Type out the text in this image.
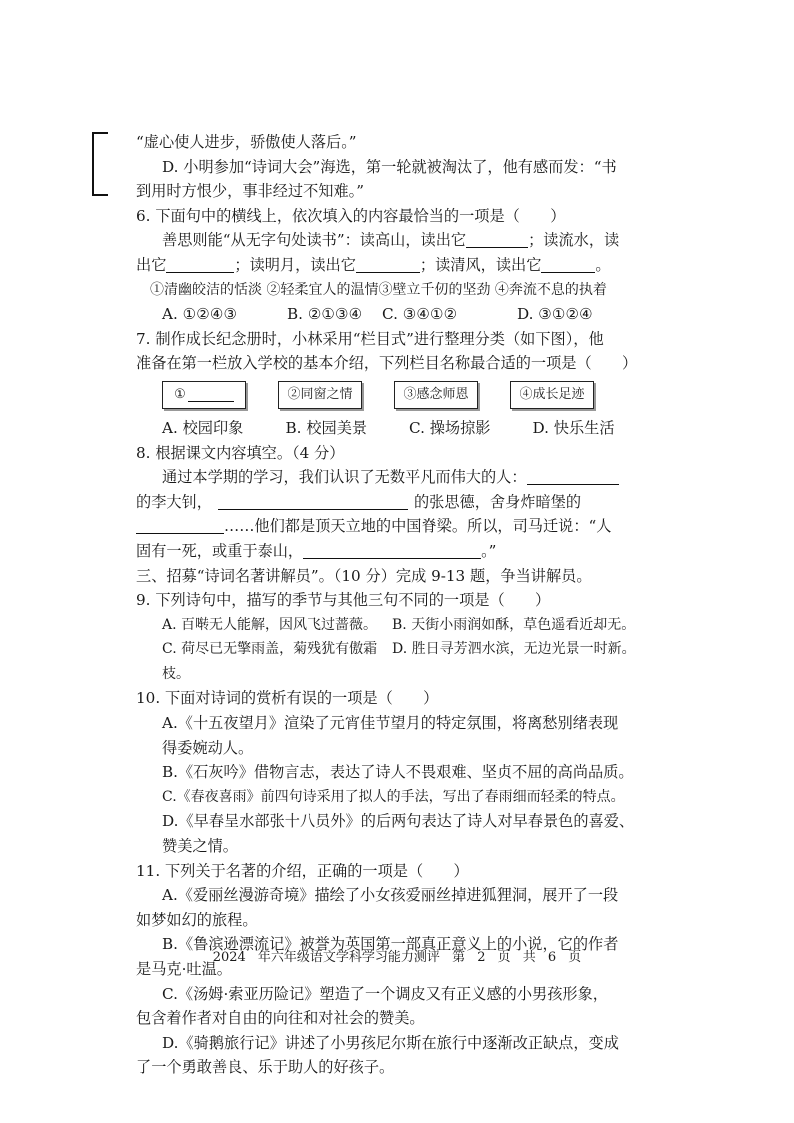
“虚心使人进步，骄傲使人落后。”
D. 小明参加“诗词大会”海选，第一轮就被淘汰了，他有感而发：“书
到用时方恨少，事非经过不知难。”
6. 下面句中的横线上，依次填入的内容最恰当的一项是（　　）
善思则能“从无字句处读书”：读高山，读出它	；读流水，读
出它	；读明月，读出它	；读清风，读出它	。
①清幽皎洁的恬淡 ②轻柔宜人的温情③壁立千仞的坚劲 ④奔流不息的执着
A. ①②④③	B. ②①③④	C. ③④①②	D. ③①②④
7. 制作成长纪念册时，小林采用“栏目式”进行整理分类（如下图），他
准备在第一栏放入学校的基本介绍，下列栏目名称最合适的一项是（　　）
①	②同窗之情	③感念师恩	④成长足迹
A. 校园印象	B. 校园美景	C. 操场掠影	D. 快乐生活
8. 根据课文内容填空。（4 分）
通过本学期的学习，我们认识了无数平凡而伟大的人：
的李大钊，	的张思德，舍身炸暗堡的
……他们都是顶天立地的中国脊梁。所以，司马迁说：“人
固有一死，或重于泰山，	。”
三、招募“诗词名著讲解员”。（10 分）完成 9-13 题，争当讲解员。
9. 下列诗句中，描写的季节与其他三句不同的一项是（　　）
A. 百啭无人能解，因风飞过蔷薇。	B. 天街小雨润如酥，草色遥看近却无。
C. 荷尽已无擎雨盖，菊残犹有傲霜枝。
D. 胜日寻芳泗水滨，无边光景一时新。
10. 下面对诗词的赏析有误的一项是（　　）
A.《十五夜望月》渲染了元宵佳节望月的特定氛围，将离愁别绪表现
得委婉动人。
B.《石灰吟》借物言志，表达了诗人不畏艰难、坚贞不屈的高尚品质。
C.《春夜喜雨》前四句诗采用了拟人的手法，写出了春雨细而轻柔的特点。
D.《早春呈水部张十八员外》的后两句表达了诗人对早春景色的喜爱、
赞美之情。
11. 下列关于名著的介绍，正确的一项是（　　）
A.《爱丽丝漫游奇境》描绘了小女孩爱丽丝掉进狐狸洞，展开了一段
如梦如幻的旅程。
B.《鲁滨逊漂流记》被誉为英国第一部真正意义上的小说，它的作者
是马克·吐温。
C.《汤姆·索亚历险记》塑造了一个调皮又有正义感的小男孩形象，
包含着作者对自由的向往和对社会的赞美。
D.《骑鹅旅行记》讲述了小男孩尼尔斯在旅行中逐渐改正缺点，变成
了一个勇敢善良、乐于助人的好孩子。
2024 年六年级语文学科学习能力测评 第 2 页 共 6 页
